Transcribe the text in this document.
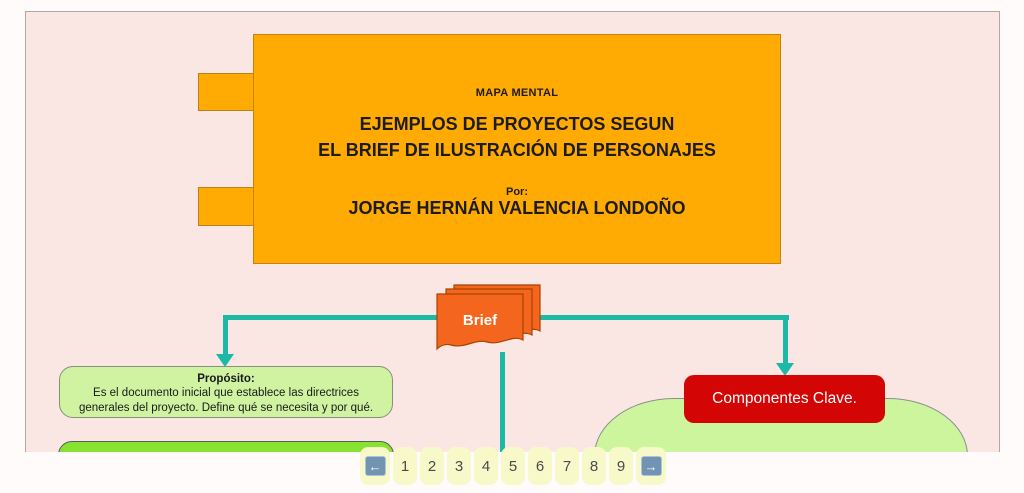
MAPA MENTAL
EJEMPLOS DE PROYECTOS SEGUN
EL BRIEF DE ILUSTRACIÓN DE PERSONAJES
Por:
JORGE HERNÁN VALENCIA LONDOÑO
Brief
Propósito:
Es el documento inicial que establece las directrices generales del proyecto. Define qué se necesita y por qué.
Componentes Clave.
←	1	2	3	4	5	6	7	8	9	→
